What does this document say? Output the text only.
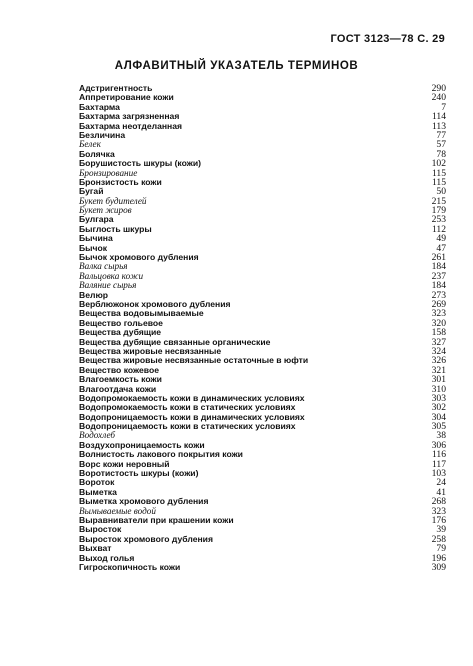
ГОСТ 3123—78 С. 29
АЛФАВИТНЫЙ УКАЗАТЕЛЬ ТЕРМИНОВ
Адстригентность	290
Аппретирование кожи	240
Бахтарма	7
Бахтарма загрязненная	114
Бахтарма неотделанная	113
Безличина	77
Белек	57
Болячка	78
Борушистость шкуры (кожи)	102
Бронзирование	115
Бронзистость кожи	115
Бугай	50
Букет будителей	215
Букет жиров	179
Булгара	253
Быглость шкуры	112
Бычина	49
Бычок	47
Бычок хромового дубления	261
Валка сырья	184
Вальцовка кожи	237
Валяние сырья	184
Велюр	273
Верблюжонок хромового дубления	269
Вещества водовымываемые	323
Вещество гольевое	320
Вещества дубящие	158
Вещества дубящие связанные органические	327
Вещества жировые несвязанные	324
Вещества жировые несвязанные остаточные в юфти	326
Вещество кожевое	321
Влагоемкость кожи	301
Влагоотдача кожи	310
Водопромокаемость кожи в динамических условиях	303
Водопромокаемость кожи в статических условиях	302
Водопроницаемость кожи в динамических условиях	304
Водопроницаемость кожи в статических условиях	305
Водохлеб	38
Воздухопроницаемость кожи	306
Волнистость лакового покрытия кожи	116
Ворс кожи неровный	117
Воротистость шкуры (кожи)	103
Вороток	24
Выметка	41
Выметка хромового дубления	268
Вымываемые водой	323
Выравниватели при крашении кожи	176
Выросток	39
Выросток хромового дубления	258
Выхват	79
Выход голья	196
Гигроскопичность кожи	309
